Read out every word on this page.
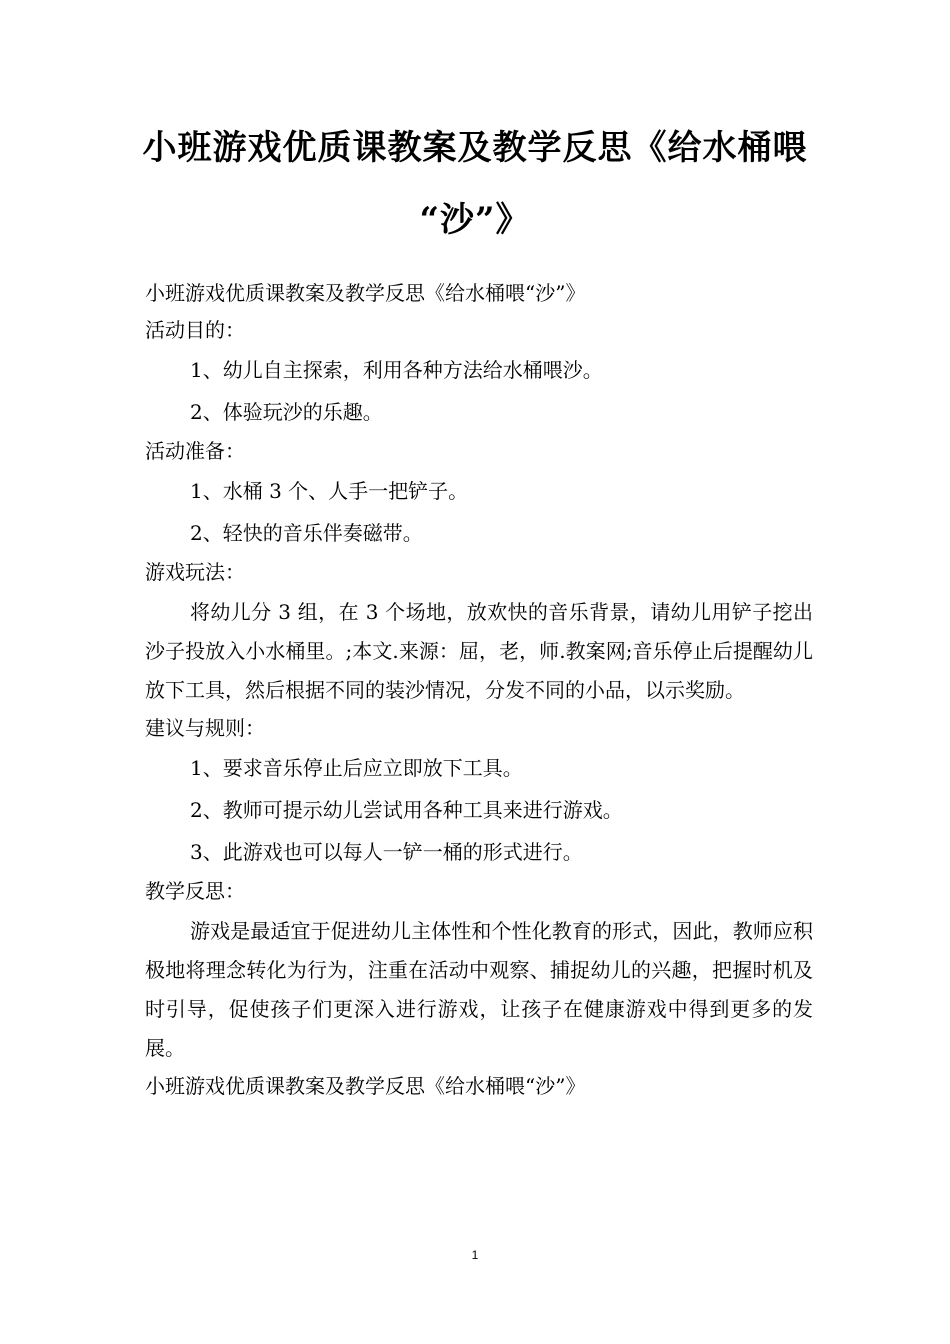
小班游戏优质课教案及教学反思《给水桶喂
“沙”》

小班游戏优质课教案及教学反思《给水桶喂“沙”》

活动目的：

1、幼儿自主探索，利用各种方法给水桶喂沙。

2、体验玩沙的乐趣。

活动准备：

1、水桶 3 个、人手一把铲子。

2、轻快的音乐伴奏磁带。

游戏玩法：

将幼儿分 3 组，在 3 个场地，放欢快的音乐背景，请幼儿用铲子挖出沙子投放入小水桶里。;本文.来源：屈，老，师.教案网;音乐停止后提醒幼儿放下工具，然后根据不同的装沙情况，分发不同的小品，以示奖励。

建议与规则：

1、要求音乐停止后应立即放下工具。

2、教师可提示幼儿尝试用各种工具来进行游戏。

3、此游戏也可以每人一铲一桶的形式进行。

教学反思：

游戏是最适宜于促进幼儿主体性和个性化教育的形式，因此，教师应积极地将理念转化为行为，注重在活动中观察、捕捉幼儿的兴趣，把握时机及时引导，促使孩子们更深入进行游戏，让孩子在健康游戏中得到更多的发展。

小班游戏优质课教案及教学反思《给水桶喂“沙”》

1
